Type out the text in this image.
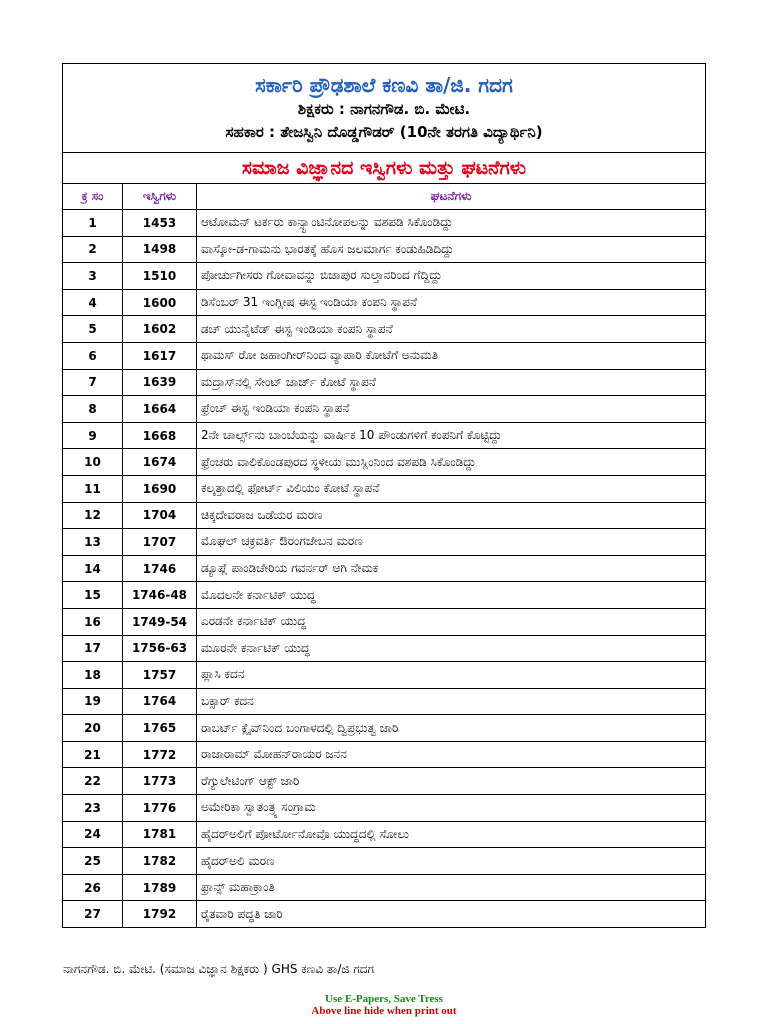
ಸರ್ಕಾರಿ ಪ್ರೌಢಶಾಲೆ ಕಣವಿ ತಾ/ಜಿ. ಗದಗ
ಶಿಕ್ಷಕರು : ನಾಗನಗೌಡ. ಬಿ. ಮೇಟಿ.
ಸಹಕಾರ : ತೇಜಸ್ವಿನಿ ದೊಡ್ಡಗೌಡರ್ (10ನೇ ತರಗತಿ ವಿದ್ಯಾರ್ಥಿನಿ)		

ಸಮಾಜ ವಿಜ್ಞಾನದ ಇಸ್ವಿಗಳು ಮತ್ತು ಘಟನೆಗಳು		
ಕ್ರ ಸಂ	ಇಸ್ವಿಗಳು	ಘಟನೆಗಳು
1	1453	ಆಟೋಮನ್ ಟರ್ಕರು ಕಾನ್ಸ್ಟಾಂಟಿನೋಪಲನ್ನು ವಶಪಡಿ ಸಿಕೊಂಡಿದ್ದು
2	1498	ವಾಸ್ಕೋ-ಡ-ಗಾಮನು ಭಾರತಕ್ಕೆ ಹೊಸ ಜಲಮಾರ್ಗ ಕಂಡುಹಿಡಿದಿದ್ದು
3	1510	ಪೋರ್ಚುಗೀಸರು ಗೋವಾವನ್ನು ಬಿಜಾಪುರ ಸುಲ್ತಾನರಿಂದ ಗೆದ್ದಿದ್ದು
4	1600	ಡಿಸೆಂಬರ್ 31 ಇಂಗ್ಲೀಷ ಈಸ್ಟ ಇಂಡಿಯಾ ಕಂಪನಿ ಸ್ಥಾಪನೆ
5	1602	ಡಚ್ ಯುನೈಟೆಡ್ ಈಸ್ಟ ಇಂಡಿಯಾ ಕಂಪನಿ ಸ್ಥಾಪನೆ
6	1617	ಥಾಮಸ್ ರೋ ಜಹಾಂಗೀರ್‌ನಿಂದ ವ್ಯಾಪಾರಿ ಕೋಟೆಗೆ ಅನುಮತಿ
7	1639	ಮದ್ರಾಸ್‌ನಲ್ಲಿ ಸೇಂಟ್ ಜಾರ್ಜ್ ಕೋಟೆ ಸ್ಥಾಪನೆ
8	1664	ಫ್ರೆಂಚ್ ಈಸ್ಟ ಇಂಡಿಯಾ ಕಂಪನಿ ಸ್ಥಾಪನೆ
9	1668	2ನೇ ಚಾರ್ಲ್ಸ್‌ನು ಬಾಂಬೆಯನ್ನು ವಾರ್ಷಿಕ 10 ಪೌಂಡುಗಳಿಗೆ ಕಂಪನಿಗೆ ಕೊಟ್ಟಿದ್ದು
10	1674	ಫ್ರೆಂಚರು ವಾಲಿಕೊಂಡಪುರದ ಸ್ಥಳೀಯ ಮುಸ್ಲಿಂನಿಂದ ವಶಪಡಿ ಸಿಕೊಂಡಿದ್ದು
11	1690	ಕಲ್ಕತ್ತಾದಲ್ಲಿ ಫೋರ್ಟ್ ವಿಲಿಯಂ ಕೋಟೆ ಸ್ಥಾಪನೆ
12	1704	ಚಿಕ್ಕದೇವರಾಜ ಒಡೆಯರ ಮರಣ
13	1707	ಮೊಘಲ್ ಚಕ್ರವರ್ತಿ ಔರಂಗಜೇಬನ ಮರಣ
14	1746	ಡ್ಯೂಪ್ಲೆ ಪಾಂಡಿಚೇರಿಯ ಗವರ್ನರ್ ಆಗಿ ನೇಮಕ
15	1746-48	ಮೊದಲನೇ ಕರ್ನಾಟಿಕ್ ಯುದ್ಧ
16	1749-54	ಎರಡನೇ ಕರ್ನಾಟಿಕ್ ಯುದ್ಧ
17	1756-63	ಮೂರನೇ ಕರ್ನಾಟಿಕ್ ಯುದ್ಧ
18	1757	ಪ್ಲಾಸಿ ಕದನ
19	1764	ಬಕ್ಸಾರ್ ಕದನ
20	1765	ರಾಬರ್ಟ್ ಕ್ಲೈವ್‌ನಿಂದ ಬಂಗಾಳದಲ್ಲಿ ದ್ವಿಪ್ರಭುತ್ವ ಜಾರಿ
21	1772	ರಾಜಾರಾಮ್ ಮೋಹನ್‌ರಾಯರ ಜನನ
22	1773	ರೆಗ್ಯುಲೇಟಿಂಗ್ ಆಕ್ಟ್ ಜಾರಿ
23	1776	ಅಮೇರಿಕಾ ಸ್ವಾತಂತ್ರ್ಯ ಸಂಗ್ರಾಮ
24	1781	ಹೈದರ್‌ಅಲಿಗೆ ಪೋರ್ಟೋನೋವೊ ಯುದ್ಧದಲ್ಲಿ ಸೋಲು
25	1782	ಹೈದರ್‌ಅಲಿ ಮರಣ
26	1789	ಫ್ರಾನ್ಸ್ ಮಹಾಕ್ರಾಂತಿ
27	1792	ರೈತವಾರಿ ಪದ್ಧತಿ ಜಾರಿ
ನಾಗನಗೌಡ. ಬಿ. ಮೇಟಿ. (ಸಮಾಜ ವಿಜ್ಞಾನ ಶಿಕ್ಷಕರು ) GHS ಕಣವಿ ತಾ/ಜಿ ಗದಗ
Use E-Papers, Save Tress
Above line hide when print out
